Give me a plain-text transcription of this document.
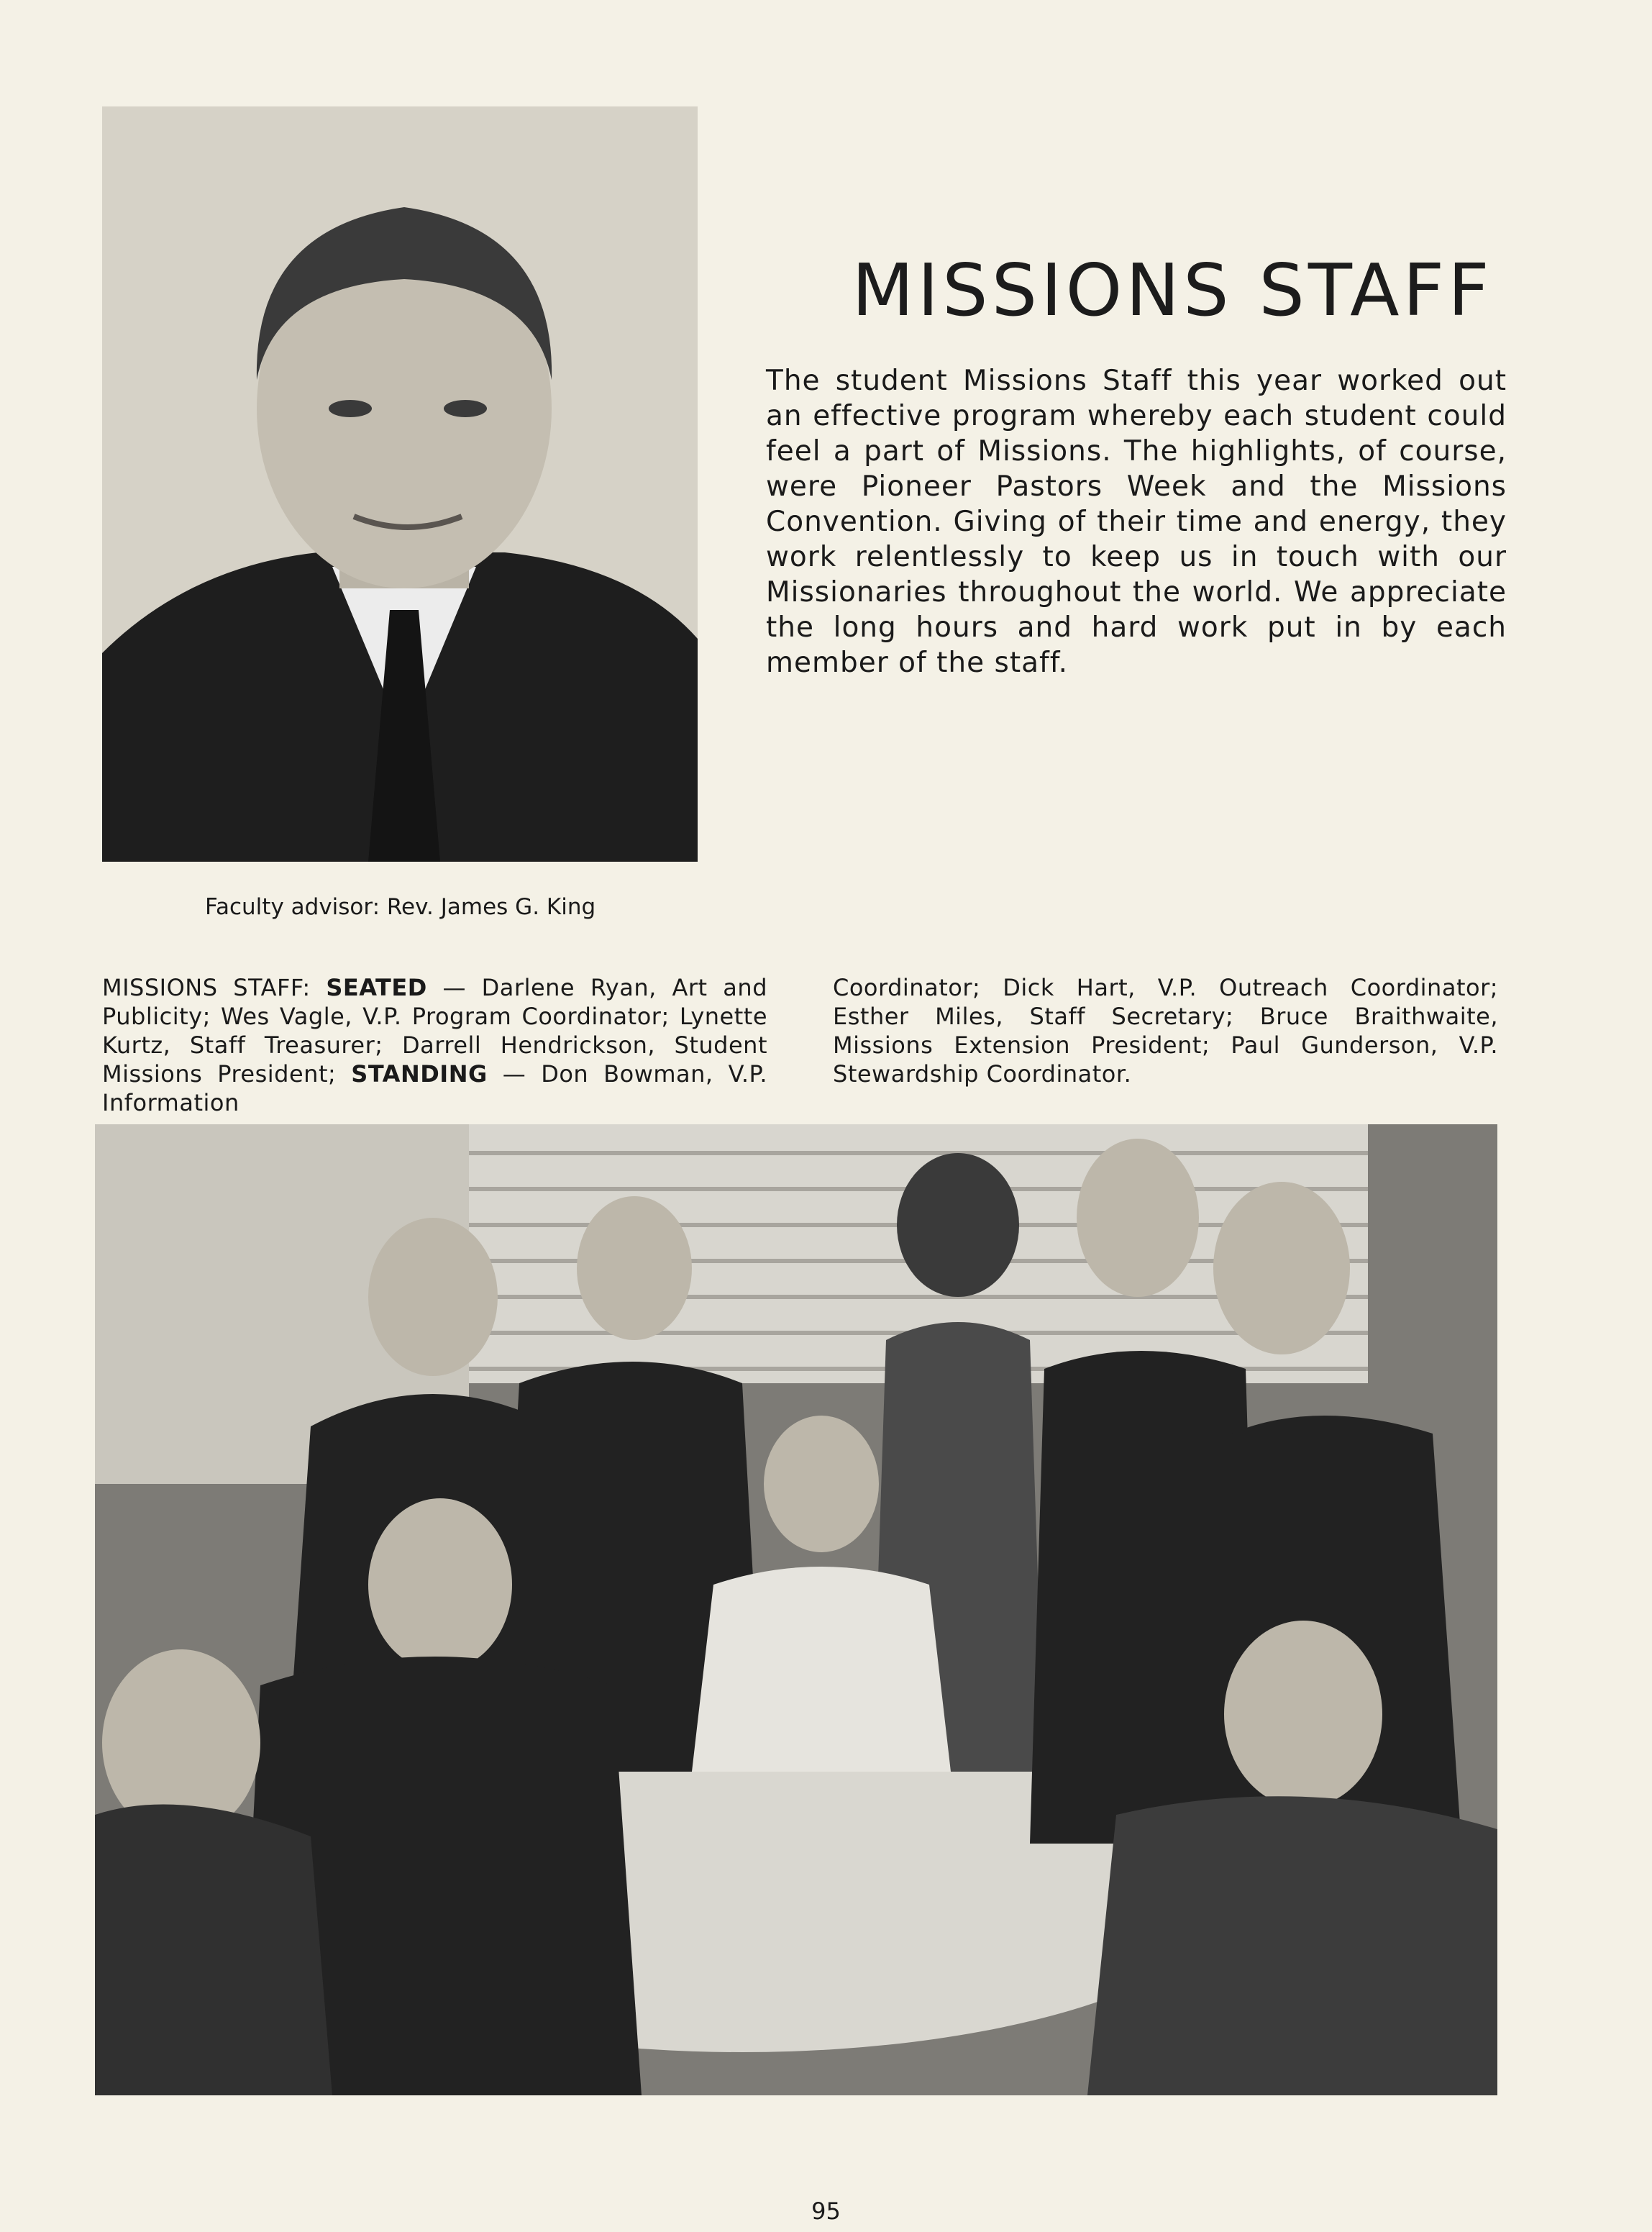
MISSIONS STAFF

The student Missions Staff this year worked out an effective program whereby each student could feel a part of Missions. The highlights, of course, were Pioneer Pastors Week and the Missions Convention. Giving of their time and energy, they work relentlessly to keep us in touch with our Missionaries throughout the world. We appreciate the long hours and hard work put in by each member of the staff.

Faculty advisor: Rev. James G. King

MISSIONS STAFF: SEATED — Darlene Ryan, Art and Publicity; Wes Vagle, V.P. Program Coordinator; Lynette Kurtz, Staff Treasurer; Darrell Hendrickson, Student Missions President; STANDING — Don Bowman, V.P. Information

Coordinator; Dick Hart, V.P. Outreach Coordinator; Esther Miles, Staff Secretary; Bruce Braithwaite, Missions Extension President; Paul Gunderson, V.P. Stewardship Coordinator.

95
